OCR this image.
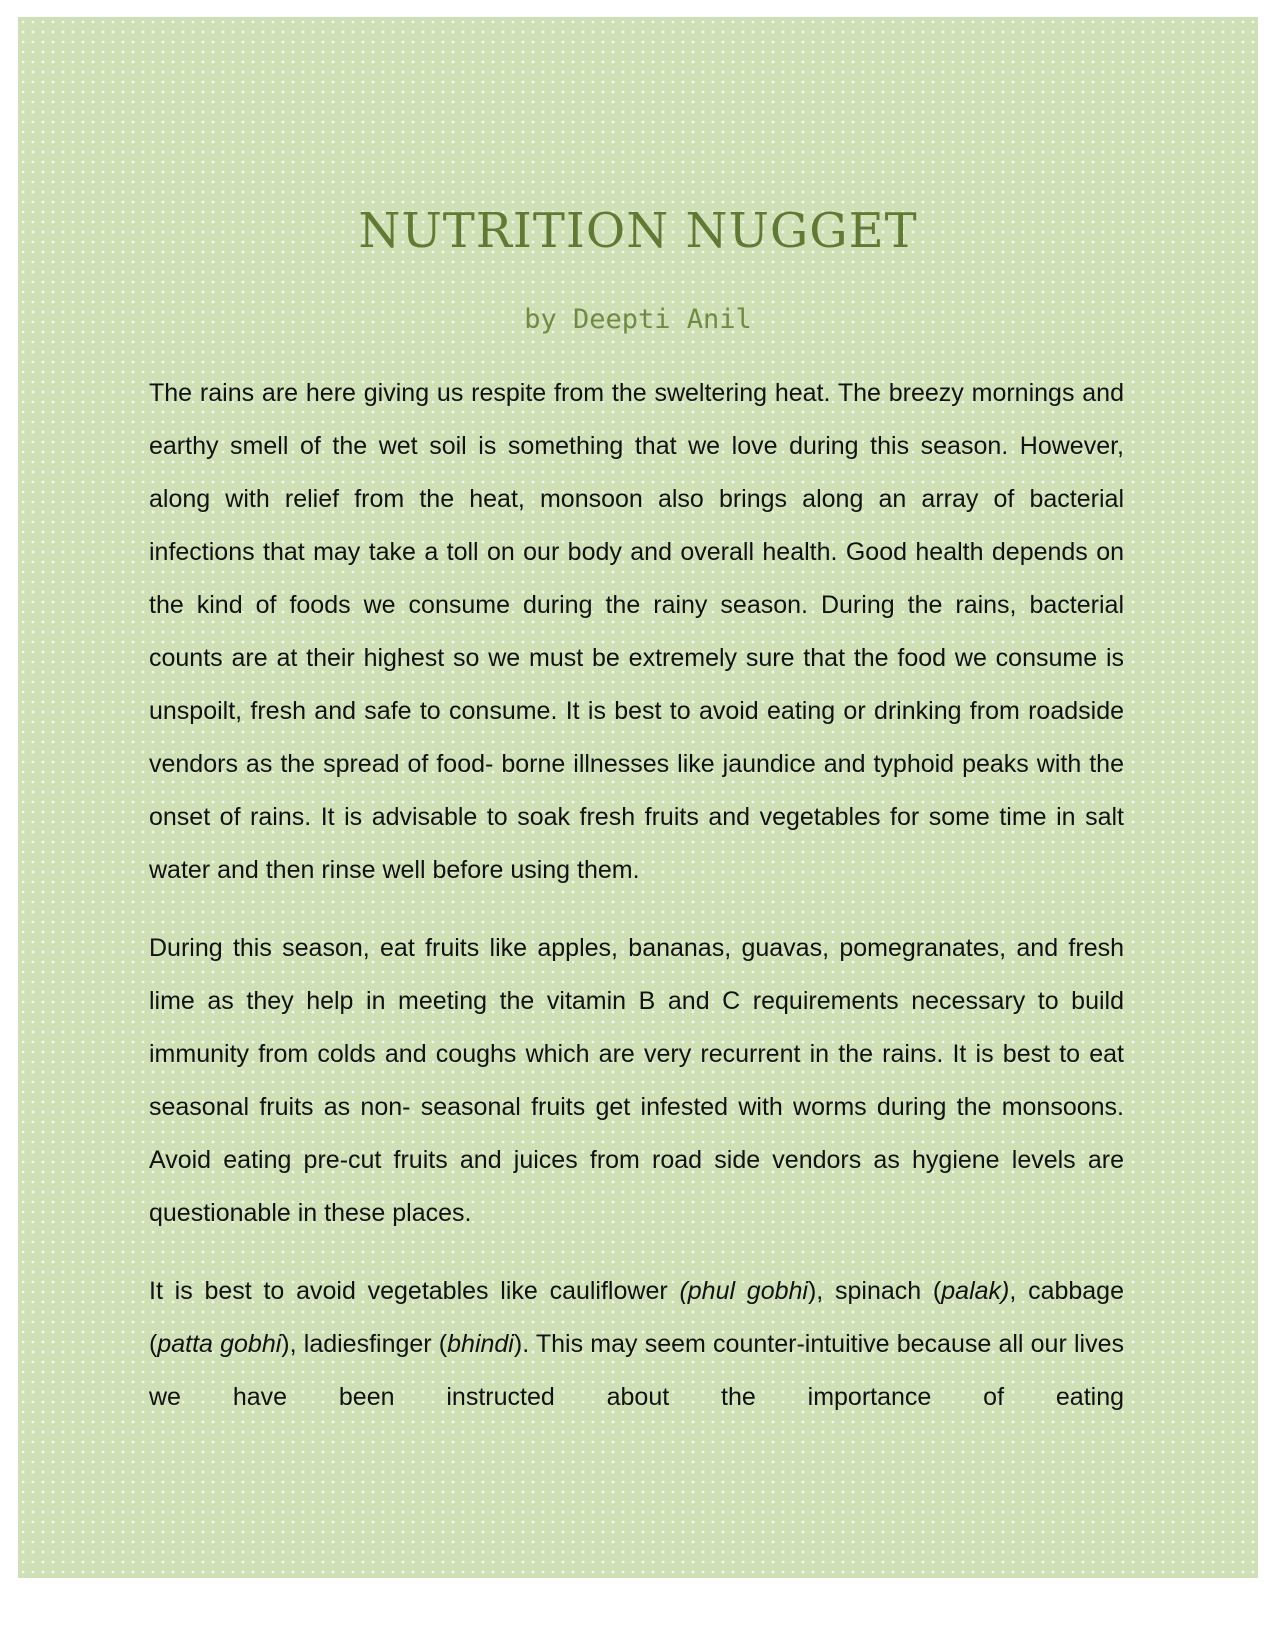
NUTRITION NUGGET
by Deepti Anil

The rains are here giving us respite from the sweltering heat. The breezy mornings and earthy smell of the wet soil is something that we love during this season. However, along with relief from the heat, monsoon also brings along an array of bacterial infections that may take a toll on our body and overall health. Good health depends on the kind of foods we consume during the rainy season. During the rains, bacterial counts are at their highest so we must be extremely sure that the food we consume is unspoilt, fresh and safe to consume. It is best to avoid eating or drinking from roadside vendors as the spread of food- borne illnesses like jaundice and typhoid peaks with the onset of rains. It is advisable to soak fresh fruits and vegetables for some time in salt water and then rinse well before using them.

During this season, eat fruits like apples, bananas, guavas, pomegranates, and fresh lime as they help in meeting the vitamin B and C requirements necessary to build immunity from colds and coughs which are very recurrent in the rains. It is best to eat seasonal fruits as non- seasonal fruits get infested with worms during the monsoons. Avoid eating pre-cut fruits and juices from road side vendors as hygiene levels are questionable in these places.

It is best to avoid vegetables like cauliflower (phul gobhi), spinach (palak), cabbage (patta gobhi), ladiesfinger (bhindi). This may seem counter-intuitive because all our lives we have been instructed about the importance of eating
